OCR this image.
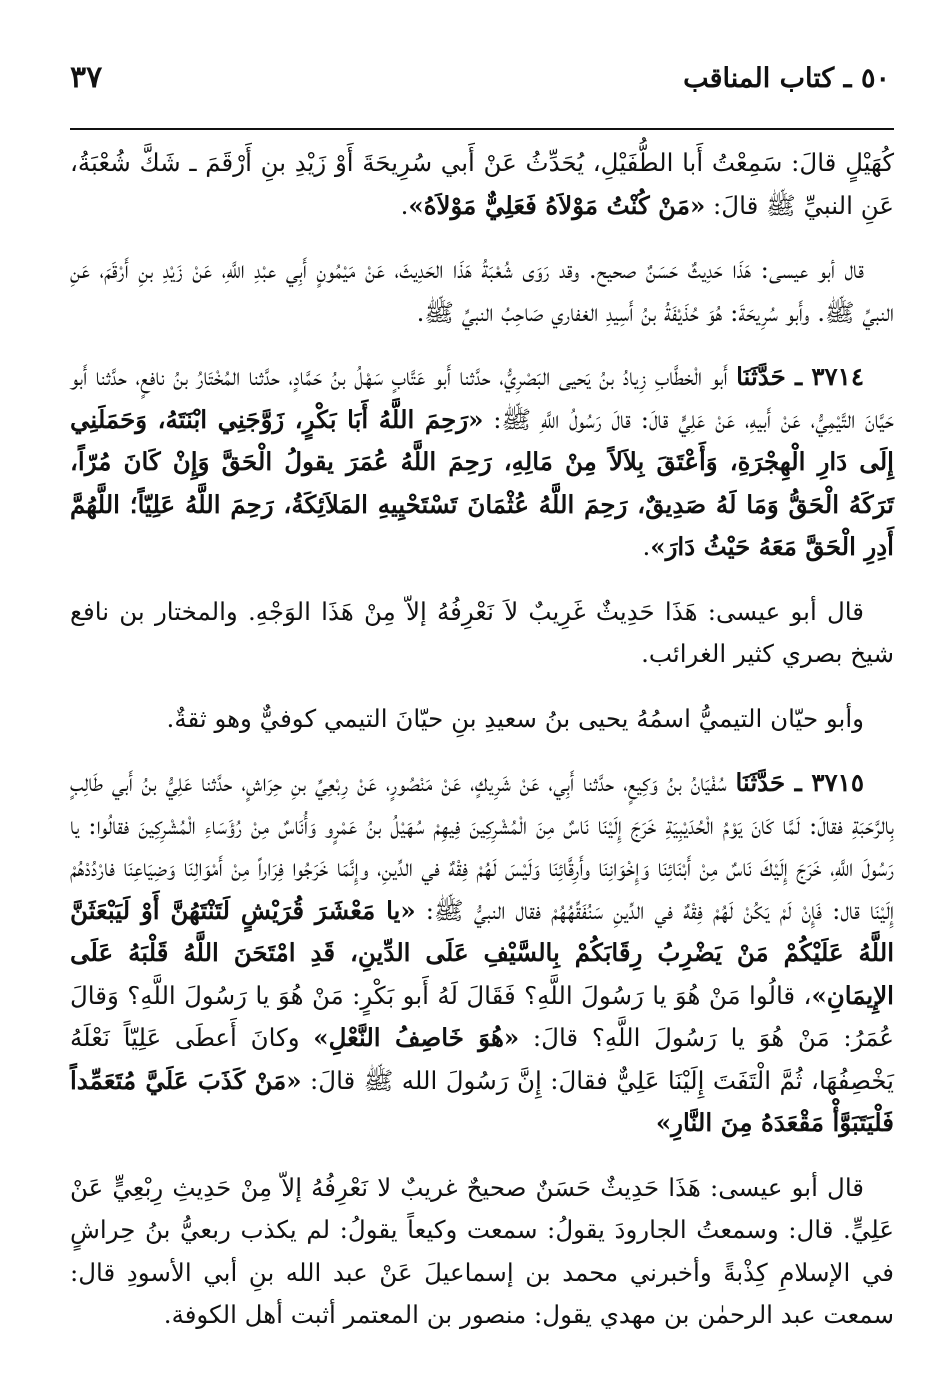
٥٠ ـ كتاب المناقب
٣٧

كُهَيْلٍ قالَ: سَمِعْتُ أَبا الطُّفَيْلِ، يُحَدِّثُ عَنْ أَبي سُرِيحَةَ أَوْ زَيْدِ بنِ أَرْقَمَ ـ شَكَّ شُعْبَةُ، عَنِ النبيِّ ﷺ قالَ: «مَنْ كُنْتُ مَوْلاَهُ فَعَلِيٌّ مَوْلاَهُ».

قال أبو عيسى: هَذَا حَدِيثٌ حَسَنٌ صحيح. وقد رَوَى شُعْبَةُ هَذَا الحَدِيثَ، عَنْ مَيْمُونٍ أَبِي عبْدِ اللَّهِ، عَنْ زَيْدِ بنِ أَرْقَمَ، عَنِ النبيِّ ﷺ. وأَبو سُرِيحَةَ: هُوَ حُذَيْفَةُ بنُ أَسِيدِ الغفاري صَاحِبُ النبيِّ ﷺ.

٣٧١٤ ـ حَدَّثَنَا أَبو الْخطَّابِ زِيادُ بنُ يَحيى البَصْرِيُّ، حدَّثنا أَبو عَتَّابٍ سَهْلُ بنُ حَمَّادٍ، حدَّثنا المُخْتَارُ بنُ نافعٍ، حدَّثنا أَبو حَيَّانَ التَّيْمِيُّ، عَنْ أَبيهِ، عَنْ عَلِيٍّ قالَ: قالَ رَسُولُ اللَّهِ ﷺ: «رَحِمَ اللَّهُ أَبَا بَكْرٍ، زَوَّجَنِي ابْنَتَهُ، وَحَمَلَنِي إِلَى دَارِ الْهِجْرَةِ، وَأَعْتَقَ بِلاَلاً مِنْ مَالِهِ، رَحِمَ اللَّهُ عُمَرَ يقولُ الْحَقَّ وَإِنْ كَانَ مُرّاً، تَرَكَهُ الْحَقُّ وَمَا لَهُ صَدِيقٌ، رَحِمَ اللَّهُ عُثْمَانَ تَسْتَحْيِيهِ المَلاَئِكَةُ، رَحِمَ اللَّهُ عَلِيّاً؛ اللَّهُمَّ أَدِرِ الْحَقَّ مَعَهُ حَيْثُ دَارَ».

قال أبو عيسى: هَذَا حَدِيثٌ غَرِيبٌ لاَ نَعْرِفُهُ إلاّ مِنْ هَذَا الوَجْهِ. والمختار بن نافع شيخ بصري كثير الغرائب.

وأبو حيّان التيميُّ اسمُهُ يحيى بنُ سعيدِ بنِ حيّانَ التيمي كوفيٌّ وهو ثقةٌ.

٣٧١٥ ـ حَدَّثَنَا سُفْيَانُ بنُ وَكِيعٍ، حدَّثنا أَبِي، عَنْ شَرِيكٍ، عَنْ مَنْصُورٍ، عَنْ رِبْعِيِّ بنِ حِرَاشٍ، حدَّثنا عَلِيُّ بنُ أَبي طَالِبٍ بِالرَّحَبَةِ فقالَ: لَمَّا كَانَ يَوْمُ الْحُدَيْبِيَةِ خَرَجَ إِلَيْنَا نَاسٌ مِنَ الْمُشْرِكِينَ فِيهِمْ سُهَيْلُ بنُ عَمْرٍو وَأُنَاسٌ مِنْ رُؤَسَاءِ الْمُشْرِكِينَ فقالُوا: يا رَسُولَ اللَّهِ، خَرَجَ إِلَيْكَ نَاسٌ مِنْ أَبْنَائِنَا وَإِخْوَانِنَا وأَرِقَّائِنَا وَلَيْسَ لَهُمْ فِقْهٌ في الدِّينِ، وإِنَّمَا خَرَجُوا فِرَاراً مِنْ أَمْوَالِنَا وَضِيَاعِنَا فارْدُدْهُمْ إِلَيْنَا قال: فَإِنْ لَمْ يَكُنْ لَهُمْ فِقْهٌ في الدِّينِ سَنُفَقِّهُهُمْ فقال النبيُّ ﷺ: «يا مَعْشَرَ قُرَيْشٍ لَتَنْتَهُنَّ أَوْ لَيَبْعَثَنَّ اللَّهُ عَلَيْكُمْ مَنْ يَضْرِبُ رِقَابَكُمْ بِالسَّيْفِ عَلَى الدِّينِ، قَدِ امْتَحَنَ اللَّهُ قَلْبَهُ عَلَى الإِيمَانِ»، قالُوا مَنْ هُوَ يا رَسُولَ اللَّهِ؟ فَقَالَ لَهُ أَبو بَكْرٍ: مَنْ هُوَ يا رَسُولَ اللَّهِ؟ وَقالَ عُمَرُ: مَنْ هُوَ يا رَسُولَ اللَّهِ؟ قالَ: «هُوَ خَاصِفُ النَّعْلِ» وكانَ أَعطَى عَلِيّاً نَعْلَهُ يَخْصِفُهَا، ثُمَّ الْتَفَتَ إِلَيْنَا عَلِيٌّ فقالَ: إِنَّ رَسُولَ الله ﷺ قالَ: «مَنْ كَذَبَ عَلَيَّ مُتَعَمِّداً فَلْيَتَبَوَّأْ مَقْعَدَهُ مِنَ النَّارِ»

قال أبو عيسى: هَذَا حَدِيثٌ حَسَنٌ صحيحٌ غريبٌ لا نَعْرِفُهُ إلاّ مِنْ حَدِيثِ رِبْعِيٍّ عَنْ عَلِيٍّ. قال: وسمعتُ الجارودَ يقولُ: سمعت وكيعاً يقولُ: لم يكذب ربعيُّ بنُ حِراشٍ في الإسلامِ كِذْبةً وأخبرني محمد بن إسماعيلَ عَنْ عبد الله بنِ أبي الأسودِ قال: سمعت عبد الرحمٰن بن مهدي يقول: منصور بن المعتمر أثبت أهل الكوفة.
